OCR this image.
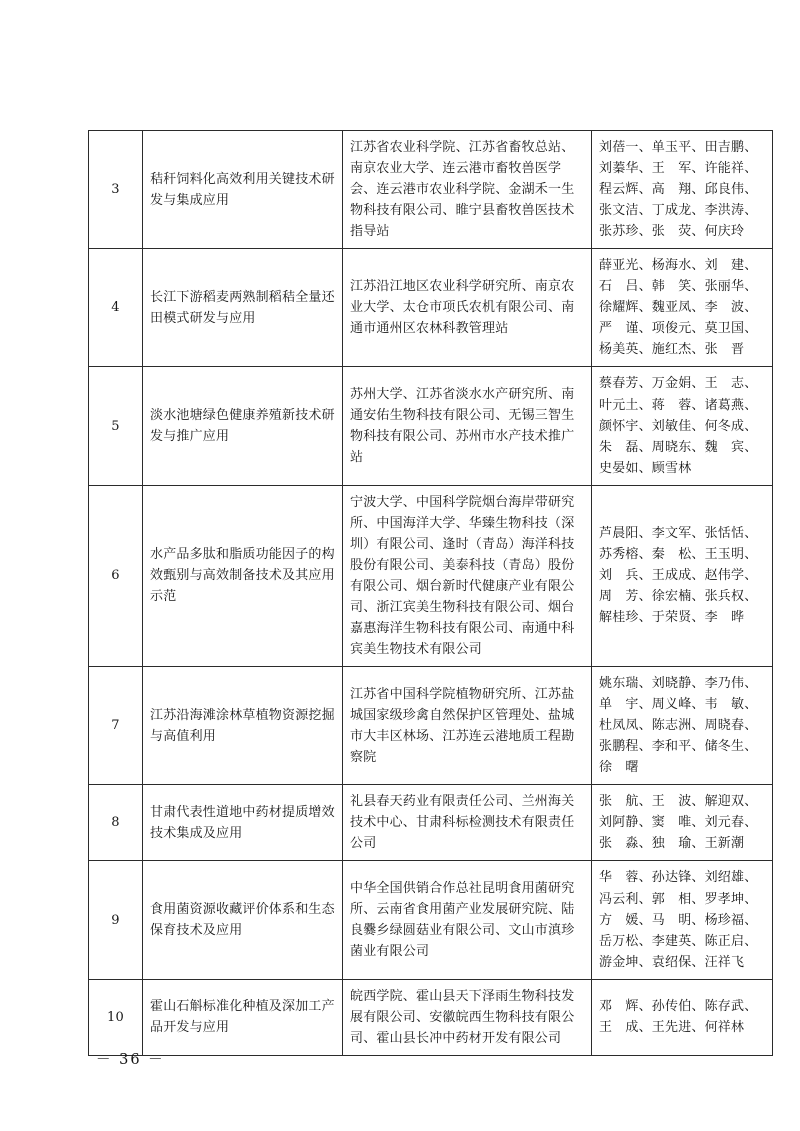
3	秸秆饲料化高效利用关键技术研发与集成应用	江苏省农业科学院、江苏省畜牧总站、南京农业大学、连云港市畜牧兽医学会、连云港市农业科学院、金湖禾一生物科技有限公司、睢宁县畜牧兽医技术指导站	刘蓓一、单玉平、田吉鹏、刘蓁华、王　军、许能祥、程云辉、高　翔、邱良伟、张文洁、丁成龙、李洪涛、张苏珍、张　荧、何庆玲
4	长江下游稻麦两熟制稻秸全量还田模式研发与应用	江苏沿江地区农业科学研究所、南京农业大学、太仓市项氏农机有限公司、南通市通州区农林科教管理站	薛亚光、杨海水、刘　建、石　吕、韩　笑、张丽华、徐耀辉、魏亚凤、李　波、严　谨、项俊元、莫卫国、杨美英、施红杰、张　晋
5	淡水池塘绿色健康养殖新技术研发与推广应用	苏州大学、江苏省淡水水产研究所、南通安佑生物科技有限公司、无锡三智生物科技有限公司、苏州市水产技术推广站	蔡春芳、万金娟、王　志、叶元土、蒋　蓉、诸葛燕、颜怀宇、刘敏佳、何冬成、朱　磊、周晓东、魏　宾、史晏如、顾雪林
6	水产品多肽和脂质功能因子的构效甄别与高效制备技术及其应用示范	宁波大学、中国科学院烟台海岸带研究所、中国海洋大学、华臻生物科技（深圳）有限公司、逢时（青岛）海洋科技股份有限公司、美泰科技（青岛）股份有限公司、烟台新时代健康产业有限公司、浙江宾美生物科技有限公司、烟台嘉惠海洋生物科技有限公司、南通中科宾美生物技术有限公司	芦晨阳、李文军、张恬恬、苏秀榕、秦　松、王玉明、刘　兵、王成成、赵伟学、周　芳、徐宏楠、张兵权、解桂珍、于荣贤、李　晔
7	江苏沿海滩涂林草植物资源挖掘与高值利用	江苏省中国科学院植物研究所、江苏盐城国家级珍禽自然保护区管理处、盐城市大丰区林场、江苏连云港地质工程勘察院	姚东瑞、刘晓静、李乃伟、单　宇、周义峰、韦　敏、杜凤凤、陈志洲、周晓春、张鹏程、李和平、储冬生、徐　曙
8	甘肃代表性道地中药材提质增效技术集成及应用	礼县春天药业有限责任公司、兰州海关技术中心、甘肃科标检测技术有限责任公司	张　航、王　波、解迎双、刘阿静、窦　唯、刘元春、张　淼、独　瑜、王新潮
9	食用菌资源收藏评价体系和生态保育技术及应用	中华全国供销合作总社昆明食用菌研究所、云南省食用菌产业发展研究院、陆良爨乡绿圆菇业有限公司、文山市滇珍菌业有限公司	华　蓉、孙达锋、刘绍雄、冯云利、郭　相、罗孝坤、方　媛、马　明、杨珍福、岳万松、李建英、陈正启、游金坤、袁绍保、汪祥飞
10	霍山石斛标准化种植及深加工产品开发与应用	皖西学院、霍山县天下泽雨生物科技发展有限公司、安徽皖西生物科技有限公司、霍山县长冲中药材开发有限公司	邓　辉、孙传伯、陈存武、王　成、王先进、何祥林
－ 36 －
